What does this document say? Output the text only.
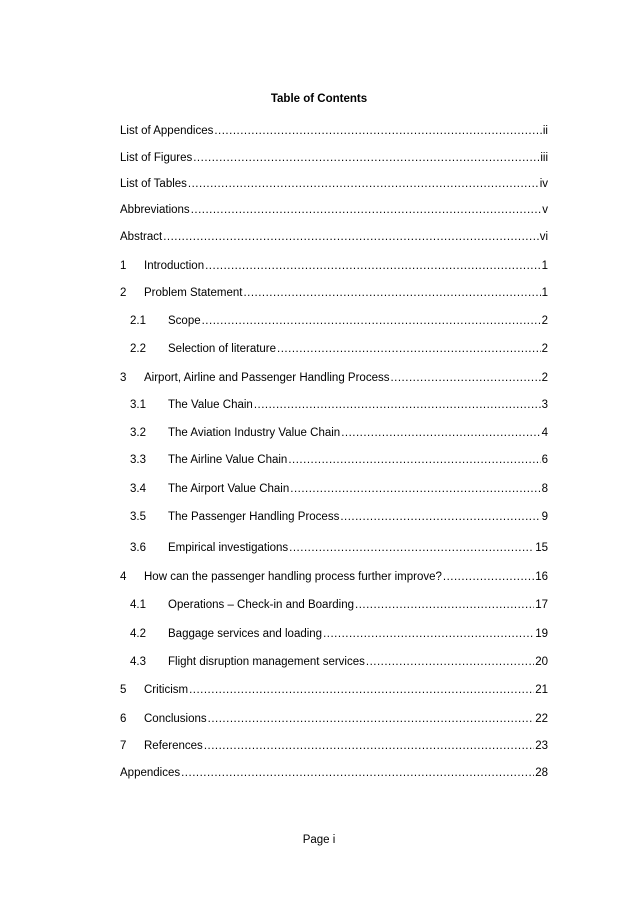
Table of Contents
List of Appendices .....	ii
List of Figures .....	iii
List of Tables .....	iv
Abbreviations .....	v
Abstract .....	vi
1	Introduction .....	1
2	Problem Statement .....	1
2.1	Scope .....	2
2.2	Selection of literature .....	2
3	Airport, Airline and Passenger Handling Process .....	2
3.1	The Value Chain .....	3
3.2	The Aviation Industry Value Chain .....	4
3.3	The Airline Value Chain .....	6
3.4	The Airport Value Chain .....	8
3.5	The Passenger Handling Process .....	9
3.6	Empirical investigations .....	15
4	How can the passenger handling process further improve? .....	16
4.1	Operations – Check-in and Boarding .....	17
4.2	Baggage services and loading .....	19
4.3	Flight disruption management services .....	20
5	Criticism .....	21
6	Conclusions .....	22
7	References .....	23
Appendices .....	28
Page i
